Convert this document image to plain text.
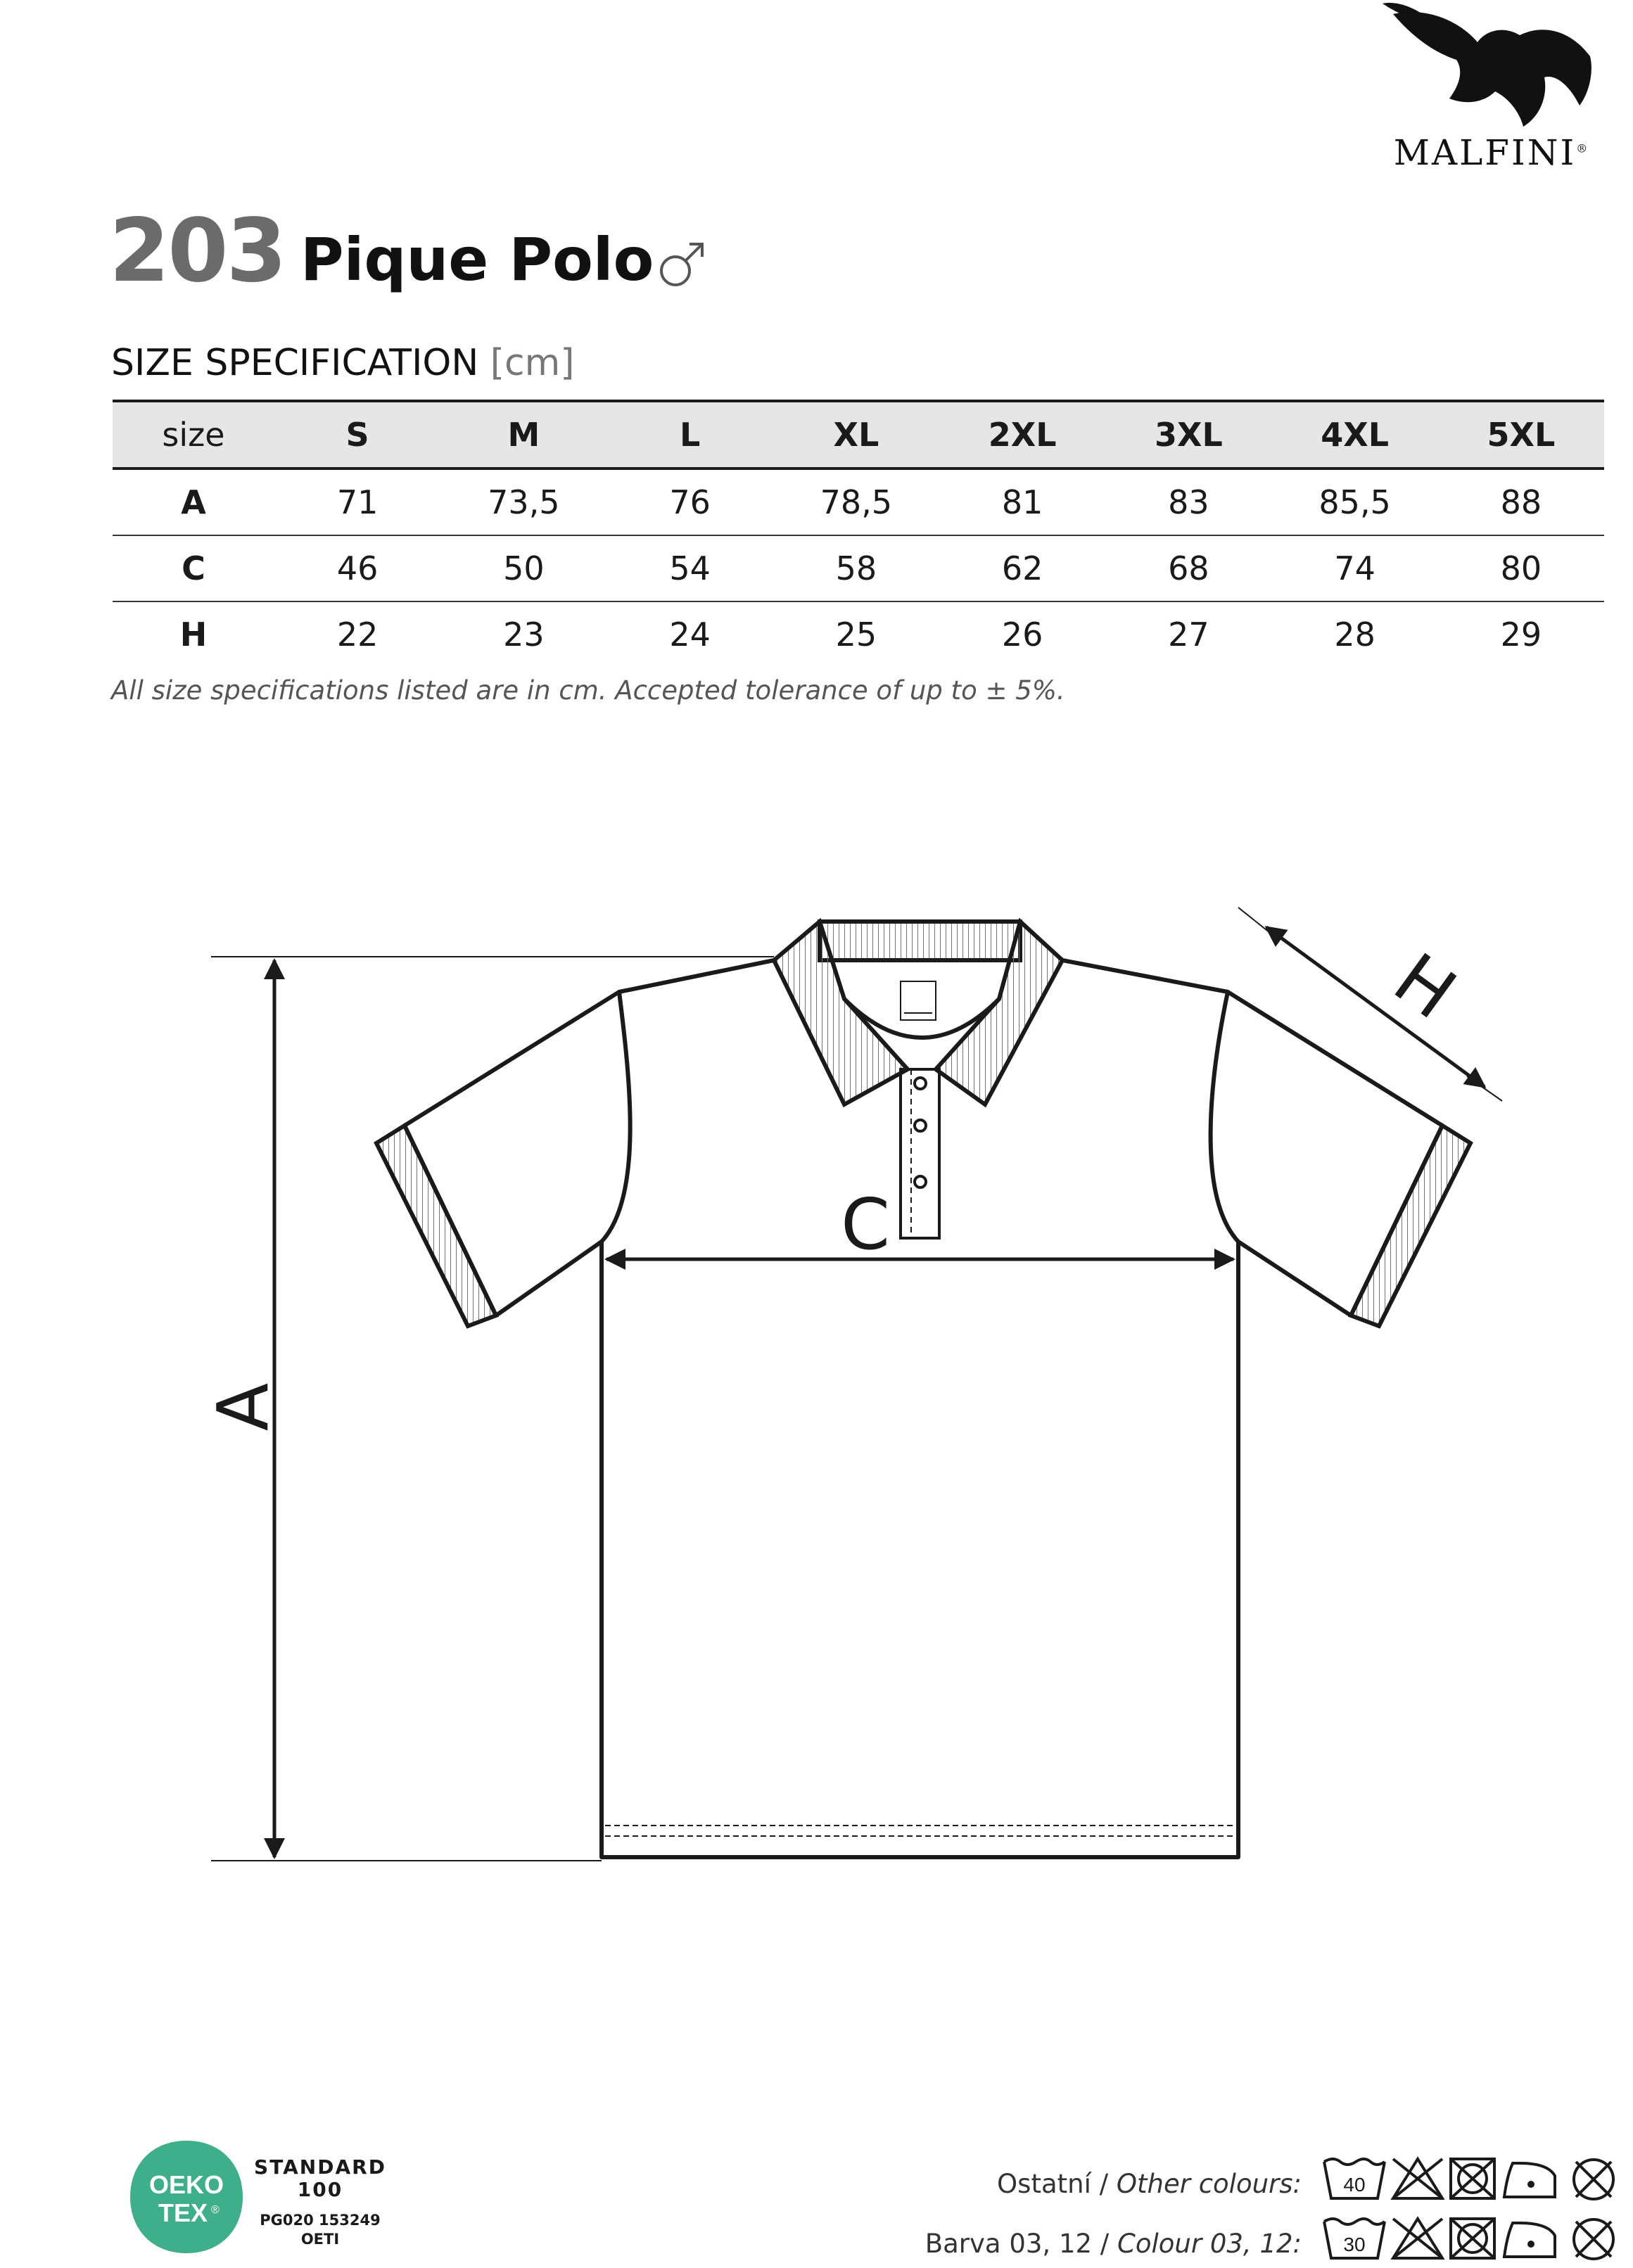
MALFINI®
203 Pique Polo
SIZE SPECIFICATION [cm]
size	S	M	L	XL	2XL	3XL	4XL	5XL
A	71	73,5	76	78,5	81	83	85,5	88
C	46	50	54	58	62	68	74	80
H	22	23	24	25	26	27	28	29
All size specifications listed are in cm. Accepted tolerance of up to ± 5%.
A
C
H
OEKO
TEX ®
STANDARD
100
PG020 153249
OETI
Ostatní / Other colours:
Barva 03, 12 / Colour 03, 12:
40
30
